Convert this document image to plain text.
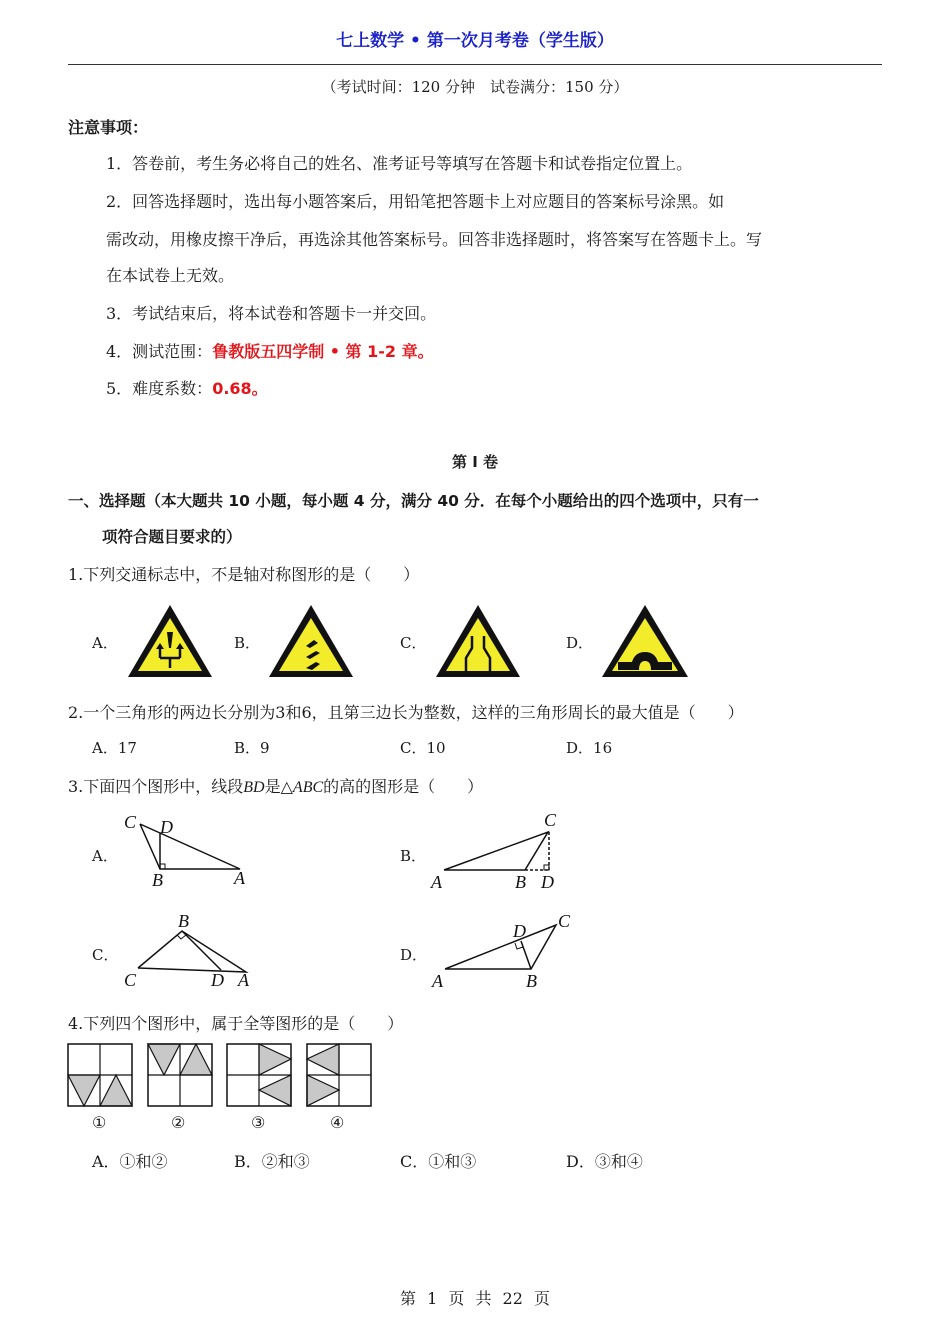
七上数学 • 第一次月考卷（学生版）
（考试时间：120 分钟　试卷满分：150 分）
注意事项：
1．答卷前，考生务必将自己的姓名、准考证号等填写在答题卡和试卷指定位置上。
2．回答选择题时，选出每小题答案后，用铅笔把答题卡上对应题目的答案标号涂黑。如
需改动，用橡皮擦干净后，再选涂其他答案标号。回答非选择题时，将答案写在答题卡上。写
在本试卷上无效。
3．考试结束后，将本试卷和答题卡一并交回。
4．测试范围：鲁教版五四学制 • 第 1-2 章。
5．难度系数：0.68。
第 Ⅰ 卷
一、选择题（本大题共 10 小题，每小题 4 分，满分 40 分．在每个小题给出的四个选项中，只有一
项符合题目要求的）
1.下列交通标志中，不是轴对称图形的是（　　）
A．	B．	C．	D．
2.一个三角形的两边长分别为3和6，且第三边长为整数，这样的三角形周长的最大值是（　　）
A．17	B．9	C．10	D．16
3.下面四个图形中，线段BD是△ABC的高的图形是（　　）
A．
C D
B	A
B．
C
A	B D
C．
B
C	D A
D．
C
D
A	B
4.下列四个图形中，属于全等图形的是（　　）
①	②	③	④
A．①和②	B．②和③	C．①和③	D．③和④
第 1 页 共 22 页
